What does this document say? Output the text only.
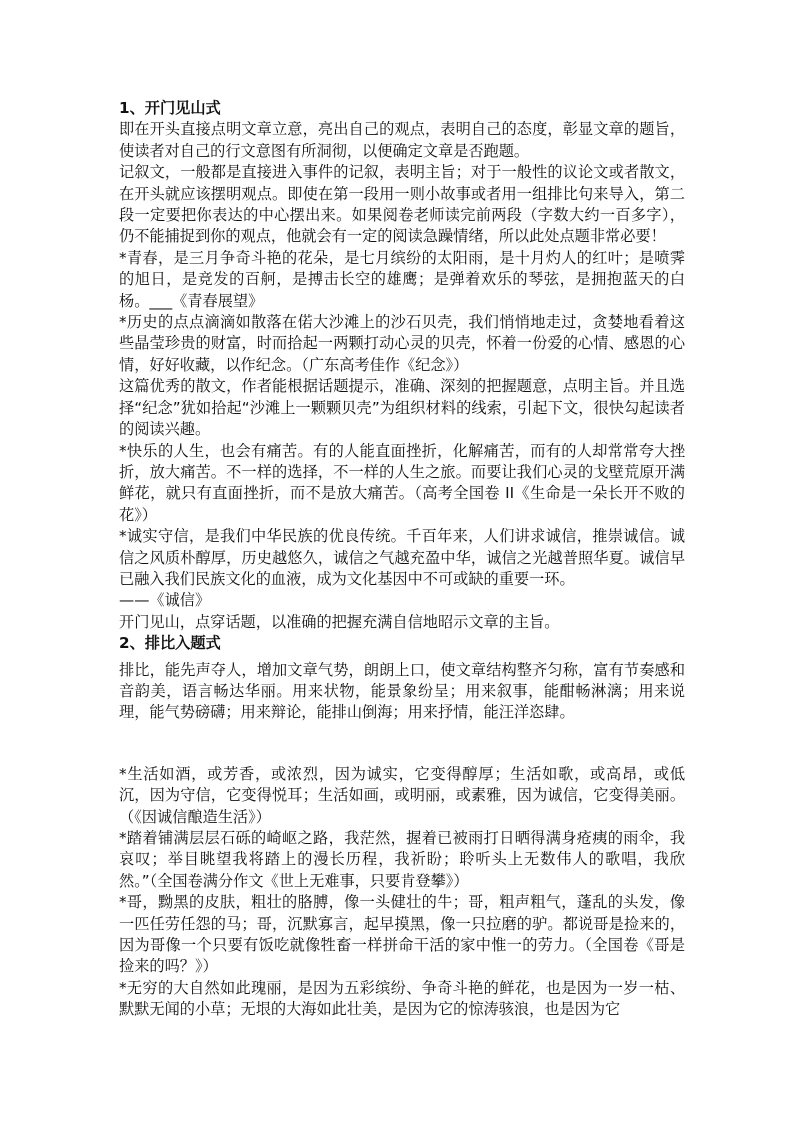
1、开门见山式

即在开头直接点明文章立意，亮出自己的观点，表明自己的态度，彰显文章的题旨，使读者对自己的行文意图有所洞彻，以便确定文章是否跑题。

记叙文，一般都是直接进入事件的记叙，表明主旨；对于一般性的议论文或者散文，在开头就应该摆明观点。即使在第一段用一则小故事或者用一组排比句来导入，第二段一定要把你表达的中心摆出来。如果阅卷老师读完前两段（字数大约一百多字），仍不能捕捉到你的观点，他就会有一定的阅读急躁情绪，所以此处点题非常必要！

*青春，是三月争奇斗艳的花朵，是七月缤纷的太阳雨，是十月灼人的红叶；是喷霁的旭日，是竞发的百舸，是搏击长空的雄鹰；是弹着欢乐的琴弦，是拥抱蓝天的白杨。___《青春展望》

*历史的点点滴滴如散落在偌大沙滩上的沙石贝壳，我们悄悄地走过，贪婪地看着这些晶莹珍贵的财富，时而拾起一两颗打动心灵的贝壳，怀着一份爱的心情、感恩的心情，好好收藏，以作纪念。（广东高考佳作《纪念》）

这篇优秀的散文，作者能根据话题提示，准确、深刻的把握题意，点明主旨。并且选择“纪念”犹如拾起“沙滩上一颗颗贝壳”为组织材料的线索，引起下文，很快勾起读者的阅读兴趣。

*快乐的人生，也会有痛苦。有的人能直面挫折，化解痛苦，而有的人却常常夸大挫折，放大痛苦。不一样的选择，不一样的人生之旅。而要让我们心灵的戈壁荒原开满鲜花，就只有直面挫折，而不是放大痛苦。（高考全国卷 II《生命是一朵长开不败的花》）

*诚实守信，是我们中华民族的优良传统。千百年来，人们讲求诚信，推崇诚信。诚信之风质朴醇厚，历史越悠久，诚信之气越充盈中华，诚信之光越普照华夏。诚信早已融入我们民族文化的血液，成为文化基因中不可或缺的重要一环。

——《诚信》

开门见山，点穿话题，以准确的把握充满自信地昭示文章的主旨。

2、排比入题式

排比，能先声夺人，增加文章气势，朗朗上口，使文章结构整齐匀称，富有节奏感和音韵美，语言畅达华丽。用来状物，能景象纷呈；用来叙事，能酣畅淋漓；用来说理，能气势磅礴；用来辩论，能排山倒海；用来抒情，能汪洋恣肆。

*生活如酒，或芳香，或浓烈，因为诚实，它变得醇厚；生活如歌，或高昂，或低沉，因为守信，它变得悦耳；生活如画，或明丽，或素雅，因为诚信，它变得美丽。（《因诚信酿造生活》）

*踏着铺满层层石砾的崎岖之路，我茫然，握着已被雨打日晒得满身疮痍的雨伞，我哀叹；举目眺望我将踏上的漫长历程，我祈盼；聆听头上无数伟人的歌唱，我欣然。”（全国卷满分作文《世上无难事，只要肯登攀》）

*哥，黝黑的皮肤，粗壮的胳膊，像一头健壮的牛；哥，粗声粗气，蓬乱的头发，像一匹任劳任怨的马；哥，沉默寡言，起早摸黑，像一只拉磨的驴。都说哥是捡来的，因为哥像一个只要有饭吃就像牲畜一样拼命干活的家中惟一的劳力。（全国卷《哥是捡来的吗？》）

*无穷的大自然如此瑰丽，是因为五彩缤纷、争奇斗艳的鲜花，也是因为一岁一枯、默默无闻的小草；无垠的大海如此壮美，是因为它的惊涛骇浪，也是因为它
